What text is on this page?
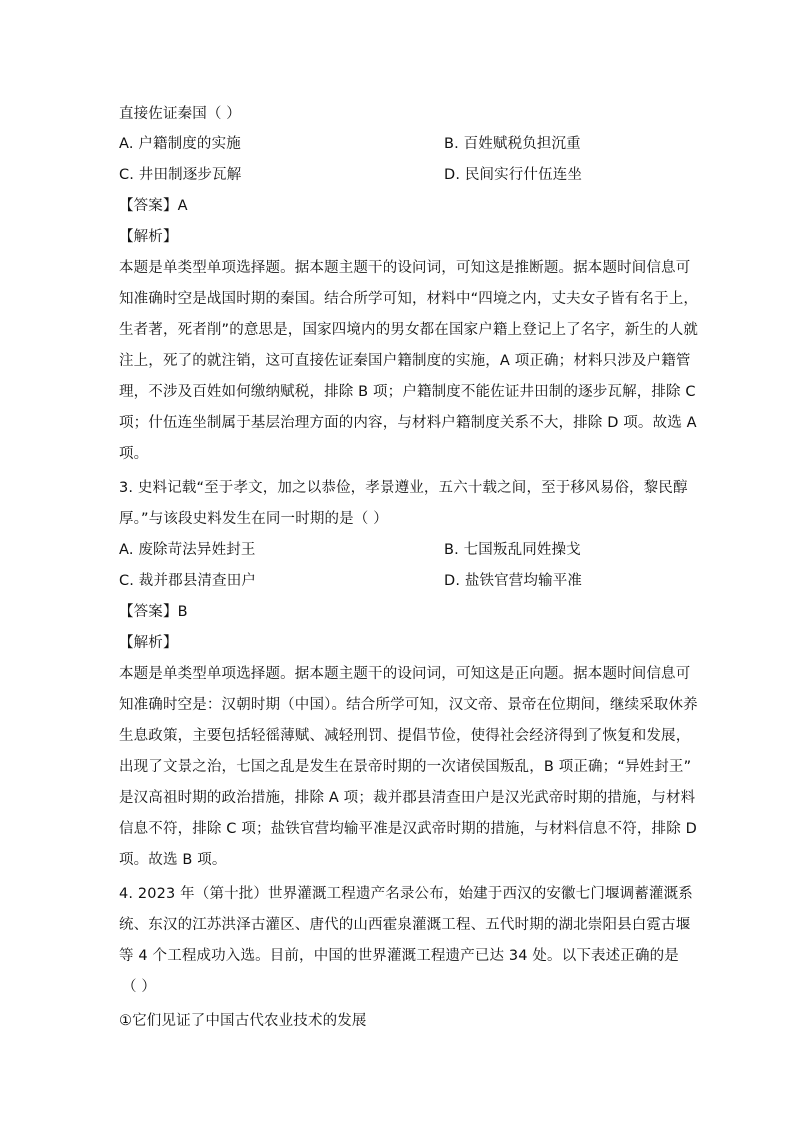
直接佐证秦国（ ）
A. 户籍制度的实施	B. 百姓赋税负担沉重
C. 井田制逐步瓦解	D. 民间实行什伍连坐
【答案】A
【解析】
本题是单类型单项选择题。据本题主题干的设问词，可知这是推断题。据本题时间信息可
知准确时空是战国时期的秦国。结合所学可知，材料中“四境之内，丈夫女子皆有名于上，
生者著，死者削”的意思是，国家四境内的男女都在国家户籍上登记上了名字，新生的人就
注上，死了的就注销，这可直接佐证秦国户籍制度的实施，A 项正确；材料只涉及户籍管
理，不涉及百姓如何缴纳赋税，排除 B 项；户籍制度不能佐证井田制的逐步瓦解，排除 C
项；什伍连坐制属于基层治理方面的内容，与材料户籍制度关系不大，排除 D 项。故选 A
项。
3. 史料记载“至于孝文，加之以恭俭，孝景遵业，五六十载之间，至于移风易俗，黎民醇
厚。”与该段史料发生在同一时期的是（ ）
A. 废除苛法异姓封王	B. 七国叛乱同姓操戈
C. 裁并郡县清查田户	D. 盐铁官营均输平准
【答案】B
【解析】
本题是单类型单项选择题。据本题主题干的设问词，可知这是正向题。据本题时间信息可
知准确时空是：汉朝时期（中国）。结合所学可知，汉文帝、景帝在位期间，继续采取休养
生息政策，主要包括轻徭薄赋、减轻刑罚、提倡节俭，使得社会经济得到了恢复和发展，
出现了文景之治，七国之乱是发生在景帝时期的一次诸侯国叛乱，B 项正确；“异姓封王”
是汉高祖时期的政治措施，排除 A 项；裁并郡县清查田户是汉光武帝时期的措施，与材料
信息不符，排除 C 项；盐铁官营均输平准是汉武帝时期的措施，与材料信息不符，排除 D
项。故选 B 项。
4. 2023 年（第十批）世界灌溉工程遗产名录公布，始建于西汉的安徽七门堰调蓄灌溉系
统、东汉的江苏洪泽古灌区、唐代的山西霍泉灌溉工程、五代时期的湖北崇阳县白霓古堰
等 4 个工程成功入选。目前，中国的世界灌溉工程遗产已达 34 处。以下表述正确的是
（ ）
①它们见证了中国古代农业技术的发展
